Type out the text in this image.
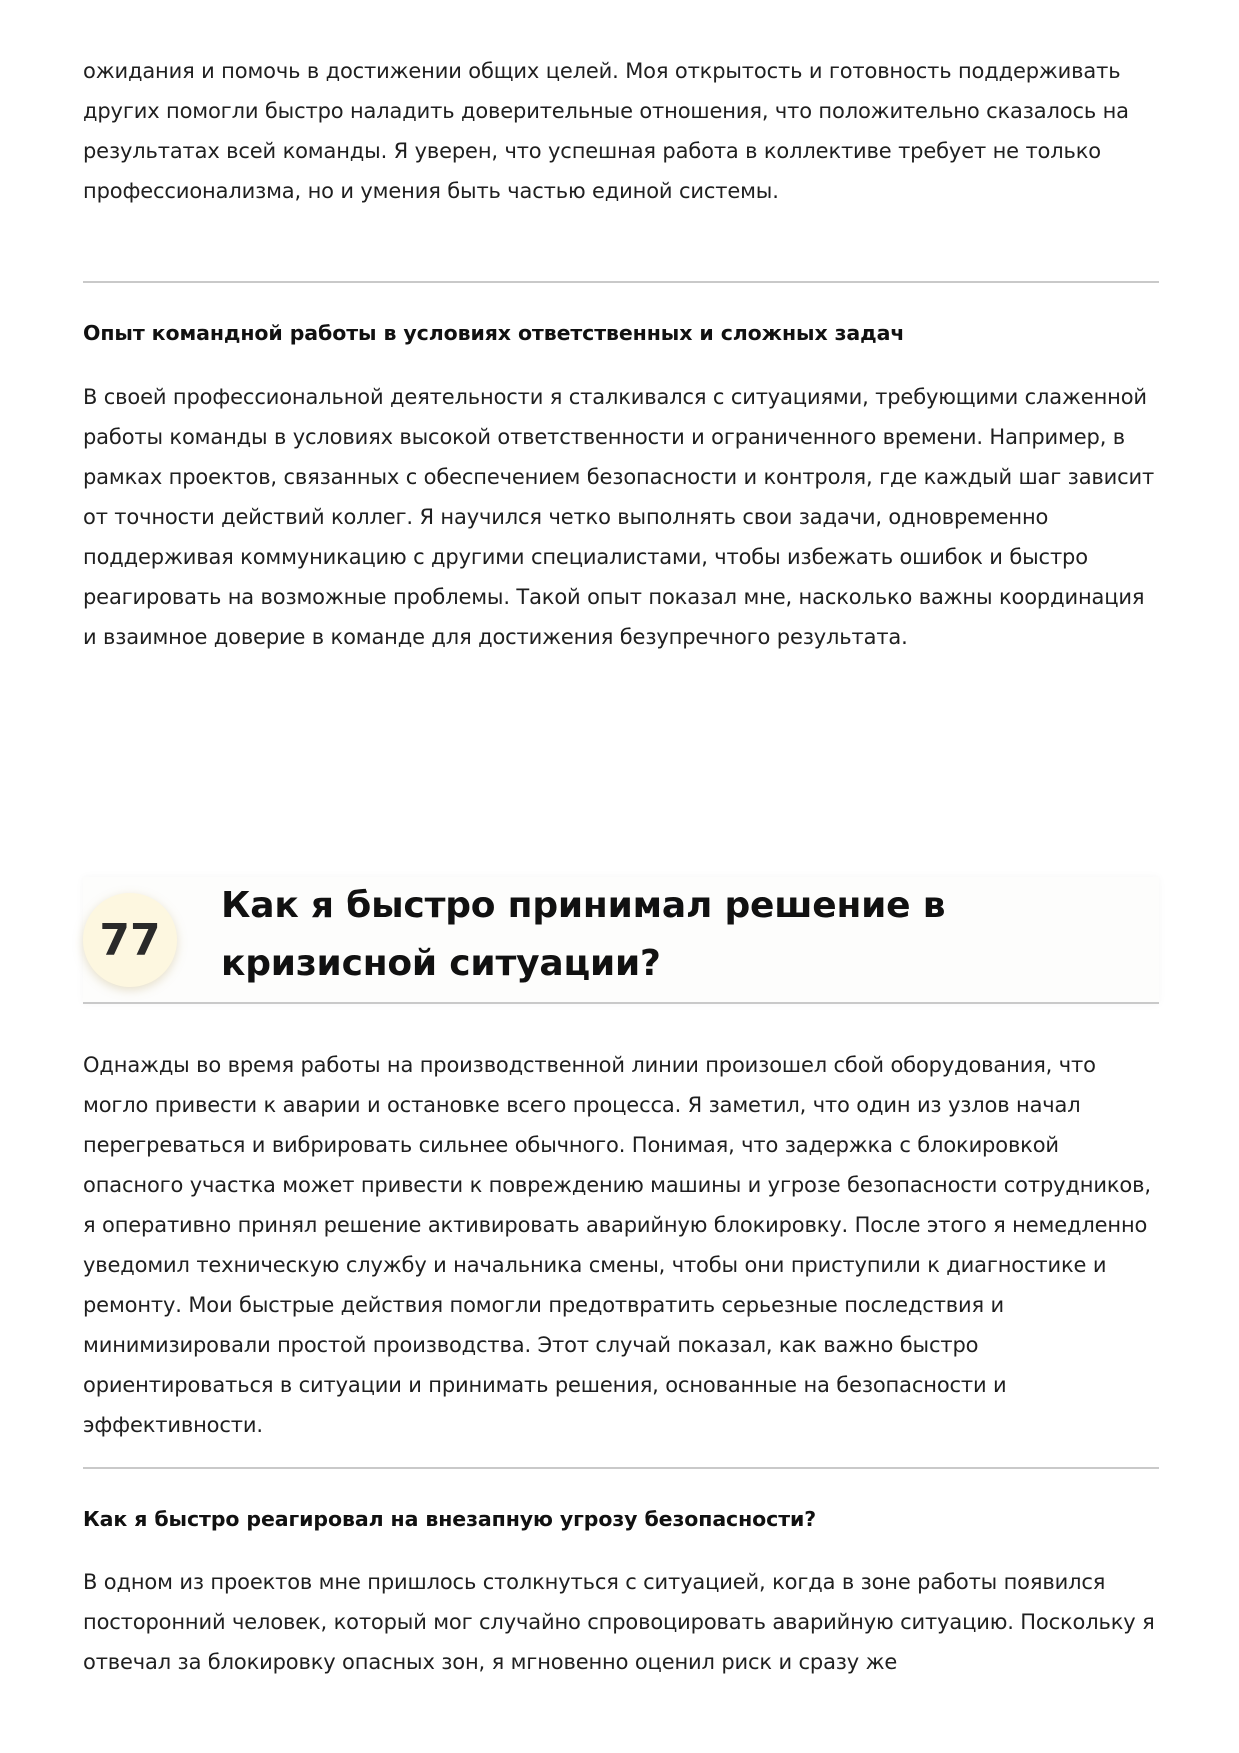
ожидания и помочь в достижении общих целей. Моя открытость и готовность поддерживать других помогли быстро наладить доверительные отношения, что положительно сказалось на результатах всей команды. Я уверен, что успешная работа в коллективе требует не только профессионализма, но и умения быть частью единой системы.

Опыт командной работы в условиях ответственных и сложных задач

В своей профессиональной деятельности я сталкивался с ситуациями, требующими слаженной работы команды в условиях высокой ответственности и ограниченного времени. Например, в рамках проектов, связанных с обеспечением безопасности и контроля, где каждый шаг зависит от точности действий коллег. Я научился четко выполнять свои задачи, одновременно поддерживая коммуникацию с другими специалистами, чтобы избежать ошибок и быстро реагировать на возможные проблемы. Такой опыт показал мне, насколько важны координация и взаимное доверие в команде для достижения безупречного результата.

77
Как я быстро принимал решение в кризисной ситуации?

Однажды во время работы на производственной линии произошел сбой оборудования, что могло привести к аварии и остановке всего процесса. Я заметил, что один из узлов начал перегреваться и вибрировать сильнее обычного. Понимая, что задержка с блокировкой опасного участка может привести к повреждению машины и угрозе безопасности сотрудников, я оперативно принял решение активировать аварийную блокировку. После этого я немедленно уведомил техническую службу и начальника смены, чтобы они приступили к диагностике и ремонту. Мои быстрые действия помогли предотвратить серьезные последствия и минимизировали простой производства. Этот случай показал, как важно быстро ориентироваться в ситуации и принимать решения, основанные на безопасности и эффективности.

Как я быстро реагировал на внезапную угрозу безопасности?

В одном из проектов мне пришлось столкнуться с ситуацией, когда в зоне работы появился посторонний человек, который мог случайно спровоцировать аварийную ситуацию. Поскольку я отвечал за блокировку опасных зон, я мгновенно оценил риск и сразу же
